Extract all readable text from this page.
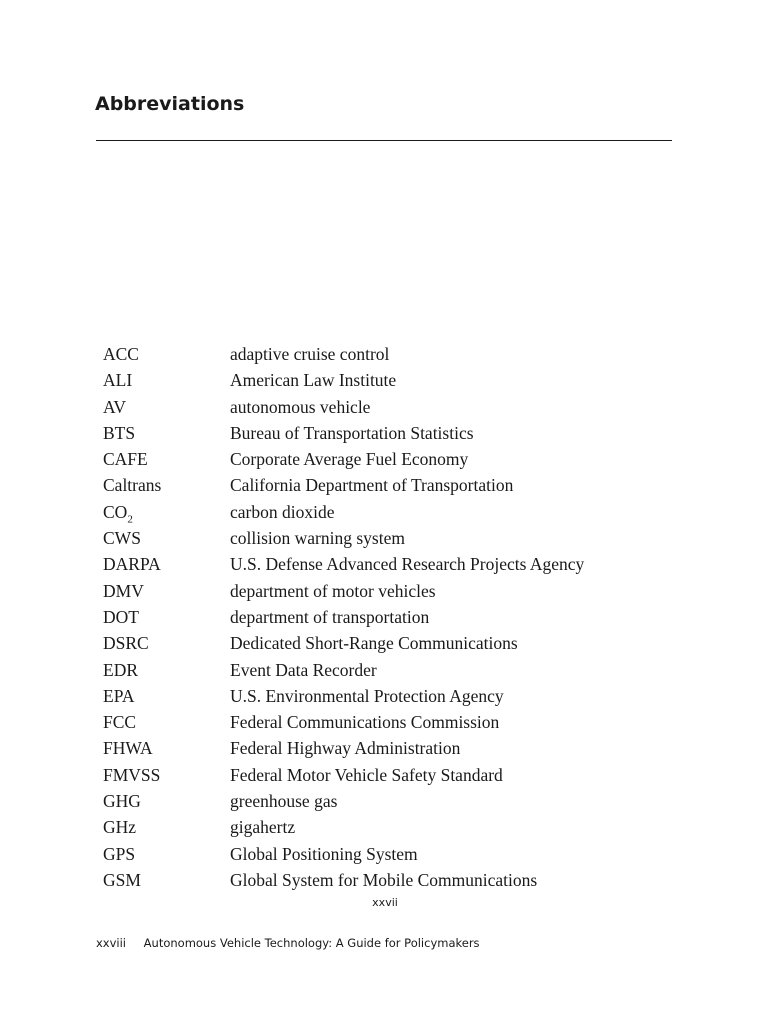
Abbreviations
ACC	adaptive cruise control
ALI	American Law Institute
AV	autonomous vehicle
BTS	Bureau of Transportation Statistics
CAFE	Corporate Average Fuel Economy
Caltrans	California Department of Transportation
$CO_2$	carbon dioxide
CWS	collision warning system
DARPA	U.S. Defense Advanced Research Projects Agency
DMV	department of motor vehicles
DOT	department of transportation
DSRC	Dedicated Short-Range Communications
EDR	Event Data Recorder
EPA	U.S. Environmental Protection Agency
FCC	Federal Communications Commission
FHWA	Federal Highway Administration
FMVSS	Federal Motor Vehicle Safety Standard
GHG	greenhouse gas
GHz	gigahertz
GPS	Global Positioning System
GSM	Global System for Mobile Communications
xxvii
xxviii Autonomous Vehicle Technology: A Guide for Policymakers
